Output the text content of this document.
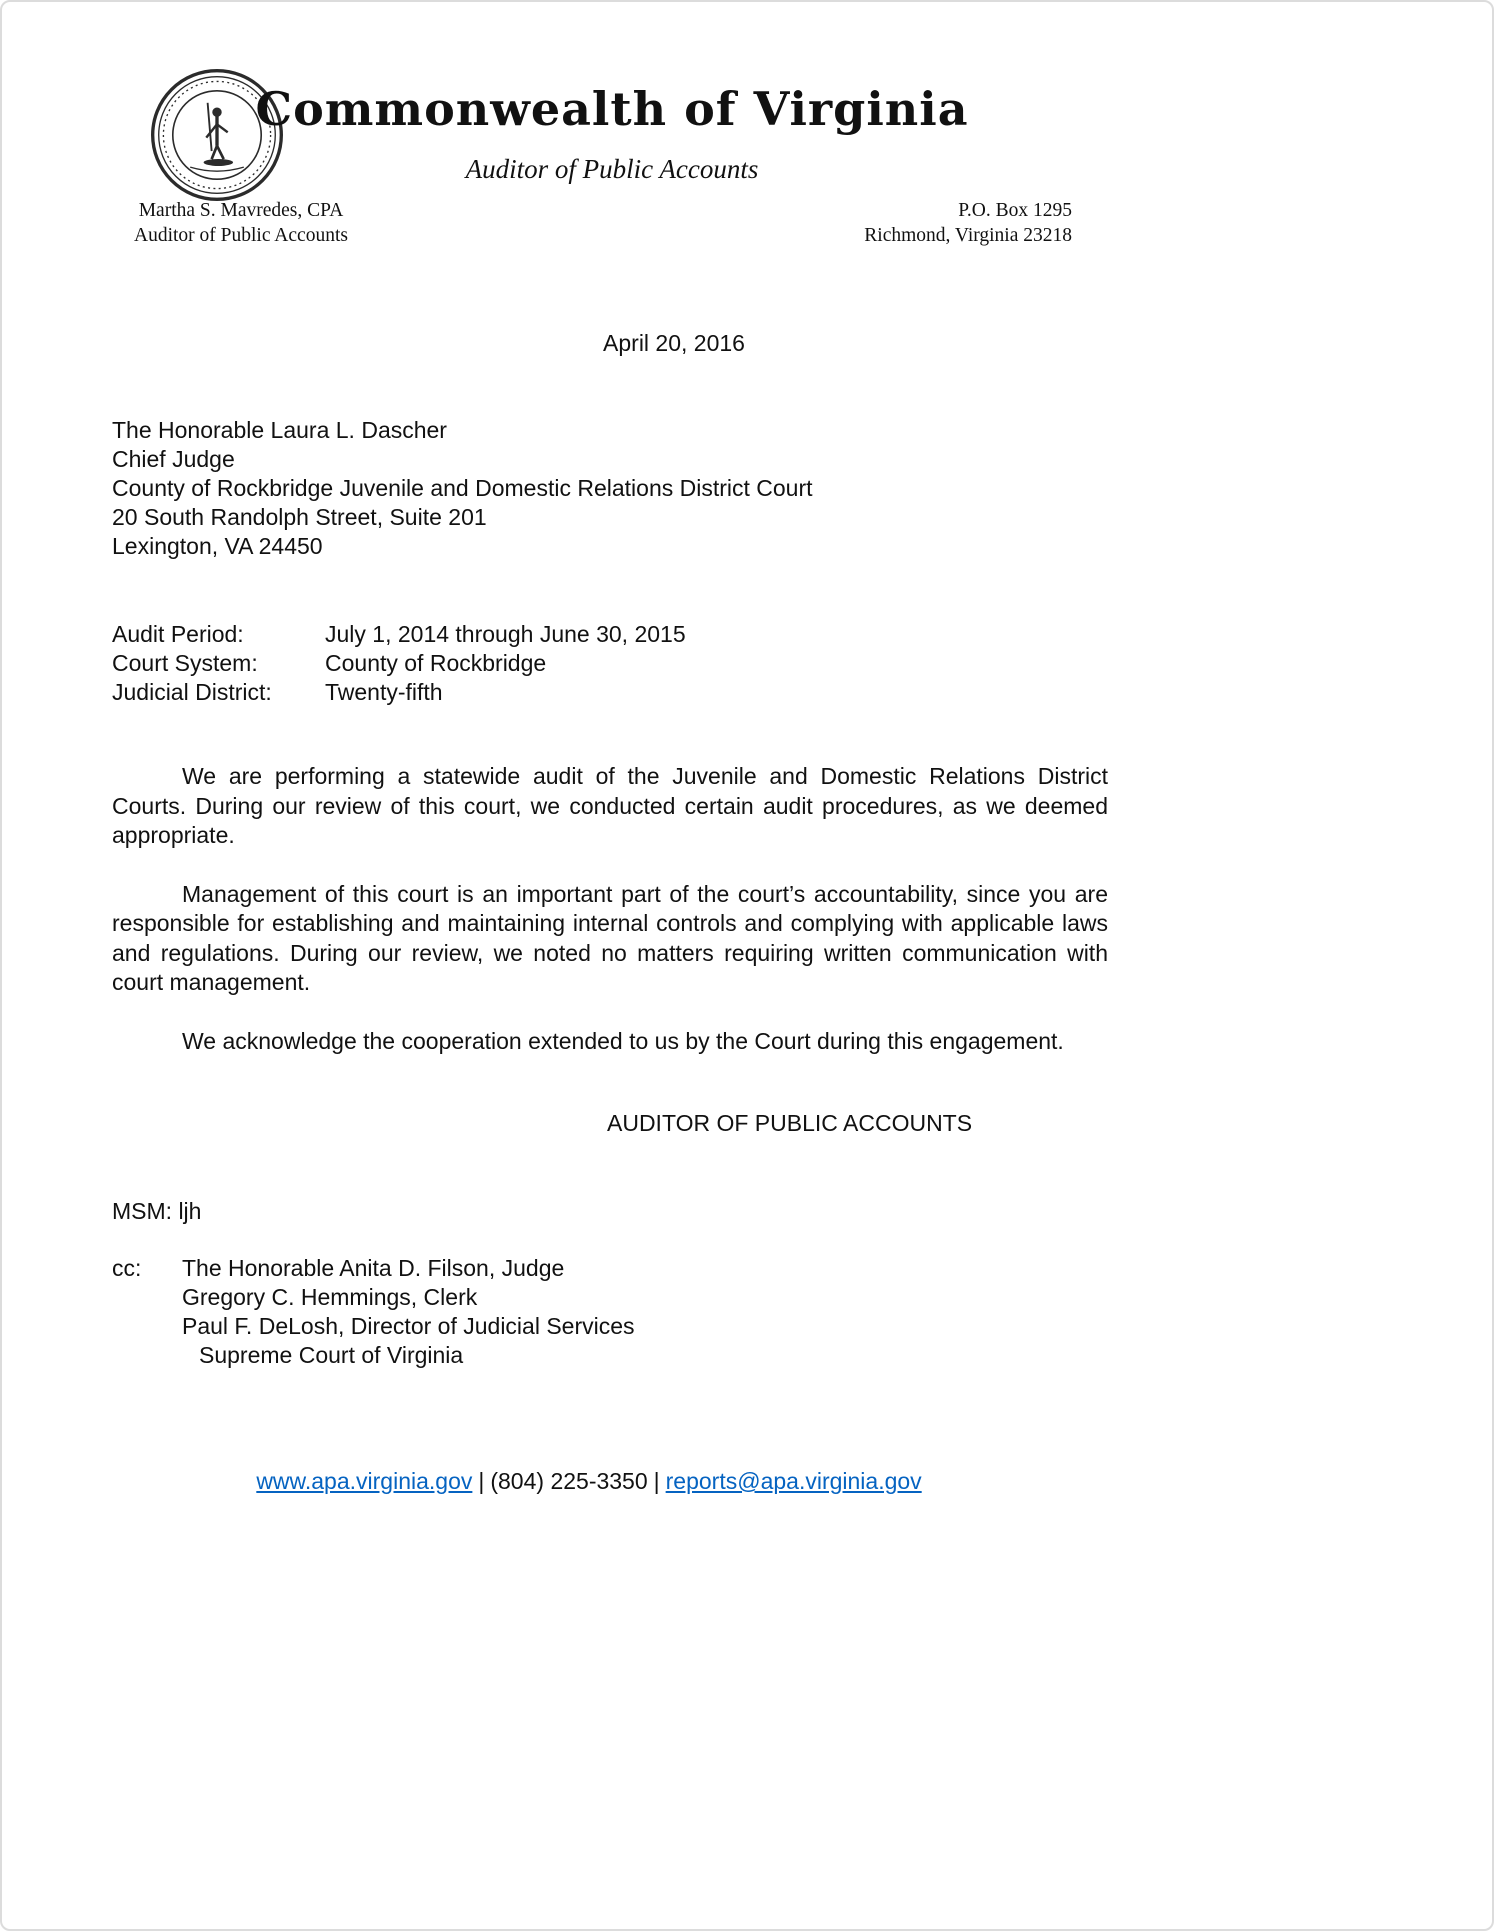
Commonwealth of Virginia
Auditor of Public Accounts
Martha S. Mavredes, CPA
Auditor of Public Accounts
P.O. Box 1295
Richmond, Virginia 23218
April 20, 2016
The Honorable Laura L. Dascher
Chief Judge
County of Rockbridge Juvenile and Domestic Relations District Court
20 South Randolph Street, Suite 201
Lexington, VA 24450
Audit Period:	July 1, 2014 through June 30, 2015
Court System:	County of Rockbridge
Judicial District:	Twenty-fifth

We are performing a statewide audit of the Juvenile and Domestic Relations District Courts. During our review of this court, we conducted certain audit procedures, as we deemed appropriate.

Management of this court is an important part of the court’s accountability, since you are responsible for establishing and maintaining internal controls and complying with applicable laws and regulations. During our review, we noted no matters requiring written communication with court management.

We acknowledge the cooperation extended to us by the Court during this engagement.

AUDITOR OF PUBLIC ACCOUNTS
MSM: ljh
cc:	The Honorable Anita D. Filson, Judge
Gregory C. Hemmings, Clerk
Paul F. DeLosh, Director of Judicial Services
Supreme Court of Virginia
www.apa.virginia.gov | (804) 225-3350 | reports@apa.virginia.gov
